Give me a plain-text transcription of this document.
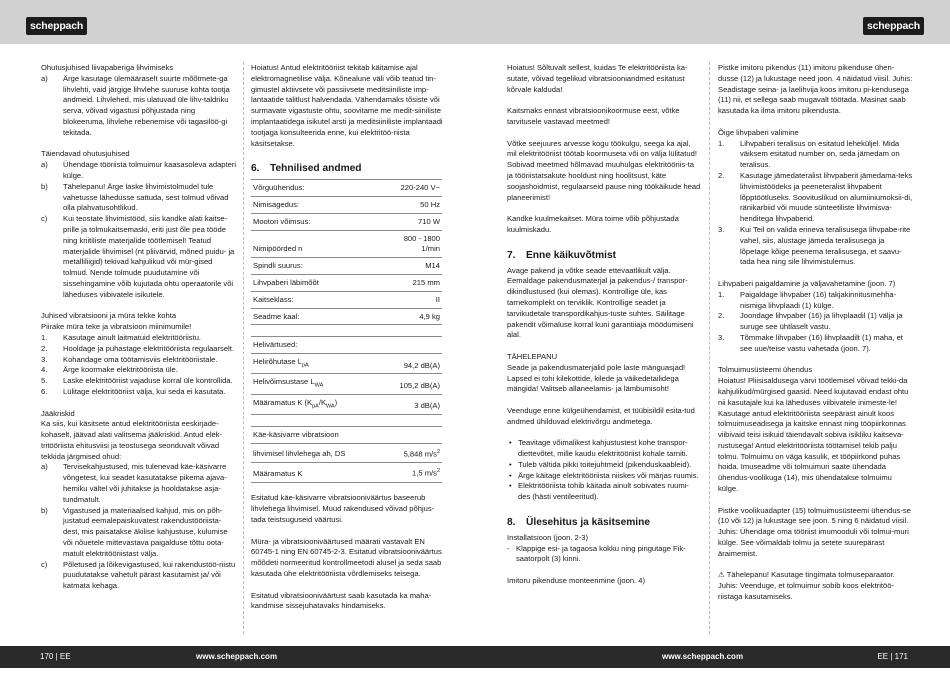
scheppach	scheppach

Ohutusjuhised liivapaberiga lihvimiseks

a)	Ärge kasutage ülemääraselt suurte mõõtmete-ga lihvlehti, vaid järgige lihvlehe suuruse kohta tootja andmeid. Lihvlehed, mis ulatuvad üle lihv-taldriku serva, võivad vigastusi põhjustada ning blokeeruma, lihvlehe rebenemise või tagasilöö-gi tekitada.

Täiendavad ohutusjuhised

a)	Ühendage tööriista tolmuimur kaasasoleva adapteri külge.
b)	Tähelepanu! Ärge laske lihvimistolmudel tule vahetusse lähedusse sattuda, sest tolmud võivad olla plahvatusohtlikud.
c)	Kui teostate lihvimistööd, siis kandke alati kaitse-prille ja tolmukaitsemaski, eriti just õle pea tööde ning kriitiliste materjalide töötlemisel! Teatud materjalide lihvimisel (nt pliivärvid, mõned puidu- ja metalliliigid) tekivad kahjulikud või mür-gised tolmud. Nende tolmude puudutamine või sissehingamine võib kujutada ohtu operaatorile või läheduses viibivatele isikutele.

Juhised vibratsiooni ja müra tekke kohta

Piirake müra teke ja vibratsioon miinimumile!

1.	Kasutage ainult laitmatuid elektritööriistu.
2.	Hooldage ja puhastage elektritööriista regulaarselt.
3.	Kohandage oma töötamisviis elektritööriistale.
4.	Ärge koormake elektritööriista üle.
5.	Laske elektritööriist vajaduse korral üle kontrollida.
6.	Lülitage elektritööriist välja, kui seda ei kasutata.

Jääkriskid

Ka siis, kui käsitsete antud elektritööriista eeskirjade-kohaselt, jäävad alati valitsema jääkriskid. Antud elek-tritööriista ehitusviisi ja teostusega seonduvalt võivad tekkida järgmised ohud:

a)	Tervisekahjustused, mis tulenevad käe-käsivarre võngetest, kui seadet kasutatakse pikema ajava-hemiku vältel või juhitakse ja hooldatakse asja-tundmatult.
b)	Vigastused ja materiaalsed kahjud, mis on põh-justatud eemalepaiskuvatest rakendustööriista-dest, mis paisatakse äkilise kahjustuse, kulumise või nõuetele mittevastava paigalduse tõttu oota-matult elektritööriistast välja.
c)	Põletused ja lõikevigastused, kui rakendustöö-riistu puudutatakse vahetult pärast kasutamist ja/ või katmata kehaga.

Hoiatus! Antud elektritööriist tekitab käitamise ajal elektromagnetilise välja. Kõnealune väli võib teatud tin-gimustel aktiivsete või passiivsete meditsiiniliste imp-lantaatide talitlust halvendada. Vähendamaks tõsiste või surmavate vigastuste ohtu, soovitame me medit-siiniliste implantaatidega isikutel arsti ja meditsiiniliste implantaadi tootjaga konsulteerida enne, kui elektritöö-riista käsitsetakse.

6. Tehnilised andmed
Võrguühendus:	220-240 V~
Nimisagedus:	50 Hz
Mootori võimsus:	710 W
Nimipöörded n	800 - 1800
1/min

Spindli suurus:	M14
Lihvpaberi läbimõõt	215 mm
Kaitseklass:	II
Seadme kaal:	4,9 kg

Helivärtused:	
Helirõhutase $L_{pA}$	94,2 dB(A)
Helivõimsustase $L_{WA}$	105,2 dB(A)
Määramatus K $(K_{pA}/K_{WA})$	3 dB(A)

Käe-käsivarre vibratsioon	
lihvimisel lihvlehega ah, DS	5,848 $m/s^2$
Määramatus K	1,5 $m/s^2$

Esitatud käe-käsivarre vibratsiooniväärtus baseerub lihvlehega lihvimisel. Muud rakendused võivad põhjus-tada teistsuguseid väärtusi.

Müra- ja vibratsiooniväärtused määrati vastavalt EN 60745-1 ning EN 60745-2-3. Esitatud vibratsiooniväärtus mõõdeti normeeritud kontrollmeetodi alusel ja seda saab kasutada ühe elektritööriista võrdlemiseks teisega.

Esitatud vibratsiooniväärtust saab kasutada ka maha-kandmise sissejuhatavaks hindamiseks.

Hoiatus! Sõltuvalt sellest, kuidas Te elektritööriista ka-sutate, võivad tegelikud vibratsiooniandmed esitatust kõrvale kalduda!

Kaitsmaks ennast vibratsioonikoormuse eest, võtke tarvitusele vastavad meetmed!

Võtke seejuures arvesse kogu töökulgu, seega ka ajal, mil elektritööriist töötab koormuseta või on välja lülitatud! Sobivad meetmed hõlmavad muuhulgas elektritööriis-ta ja tööriistatsakute hooldust ning hoolitsust, käte soojashoidmist, regulaarseid pause ning töökäikude head planeerimist!

Kandke kuulmekaitset. Müra toime võib põhjustada kuulmiskadu.

7. Enne käikuvõtmist

Avage pakend ja võtke seade ettevaatlikult välja. Eemaldage pakendusmaterjal ja pakendus-/ transpor-dikindlustused (kui olemas). Kontrollige üle, kas tarnekomplekt on terviklik. Kontrollige seadet ja tarvikudetale transpordikahjus-tuste suhtes. Säilitage pakendit võimaluse korral kuni garantiiaja möödumiseni alal.

TÄHELEPANU

Seade ja pakendusmaterjalid pole laste mänguasjad! Lapsed ei tohi kilekottide, kilede ja väikedetailidega mängida! Valitseb allaneelamis- ja lämbumisoht!

Veenduge enne külgeühendamist, et tüübisildil esita-tud andmed ühilduvad elektrivõrgu andmetega.

• Teavitage võimalikest kahjustustest kohe transpor-diettevõtet, mille kaudu elektritööriist kohale tarniti.
• Tuleb vältida pikki toitejuhtmeid (pikenduskaableid).
• Ärge käitage elektritööriista niiskes või märjas ruumis.
• Elektritööriista tohib käitada ainult sobivates ruumi-des (hästi ventileeritud).
8. Ülesehitus ja käsitsemine

Installatsioon (joon. 2-3)

- Klappige esi- ja tagaosa kokku ning pingutage Fik-saatorpolt (3) kinni.

Imitoru pikenduse monteerimine (joon. 4)

Pistke imitoru pikendus (11) imitoru pikenduse ühen-dusse (12) ja lukustage need joon. 4 näidatud viisil. Juhis: Seadistage seina- ja laelihvija koos imitoru pi-kendusega (11) nii, et sellega saab mugavalt töötada. Masinat saab kasutada ka ilma imitoru pikendusta.

Õige lihvpaberi valimine

1.	Lihvpaberi teralisus on esitatud leheküljel. Mida väiksem esitatud number on, seda jämedam on teralisus.
2.	Kasutage jämedateralist lihvpaberit jämedama-teks lihvimistöödeks ja peeneteralist lihvpaberit lõpptöötluseks. Soovituslikud on alumiiniumoksii-di, ränikarbiid või muude sünteetiliste lihvimisva-henditega lihvpaberid.
3.	Kui Teil on valida erineva teralisusega lihvpabe-rite vahel, siis, alustage jämeda teralisusega ja lõpetage kõige peenema teralisusega, et saavu-tada hea ning sile lihvimistulemus.

Lihvpaberi paigaldamine ja väljavahetamine (joon. 7)

1.	Paigaldage lihvpaber (16) takjakinnitusmehha-nismiga lihvplaadi (1) külge.
2.	Joondage lihvpaber (16) ja lihvplaadil (1) välja ja suruge see ühtlaselt vastu.
3.	Tõmmake lihvpaber (16) lihvplaadilt (1) maha, et see uue/teise vastu vahetada (joon. 7).

Tolmuimusüsteemi ühendus

Hoiatus! Pliisisaldusega värvi töötlemisel võivad tekki-da kahjulikud/mürgised gaasid. Need kujutavad endast ohtu nii kasutajale kui ka läheduses viibivatele inimeste-le! Kasutage antud elektritööriista seepärast ainult koos tolmuimuseadisega ja kaitske ennast ning tööpiirkonnas viibivaid teisi isikuid täiendavalt sobiva isikliku kaitseva-rustusega! Antud elektritööriista töötamisel tekib palju tolmu. Tolmuimu on väga kasulik, et tööpiirkond puhas hoida. Imuseadme või tolmuimuri saate ühendada ühendus-voolikuga (14), mis ühendatakse tolmuimu külge.

Pistke voolikuadapter (15) tolmuimusüsteemi ühendus-se (10 või 12) ja lukustage see joon. 5 ning 6 näidatud viisil. Juhis: Ühendage oma tööriist imumooduli või tolmui-muri külge. See võimaldab tolmu ja setete suurepärast äraimemist.

⚠ Tähelepanu! Kasutage tingimata tolmuseparaator. Juhis: Veenduge, et tolmuimur sobib koos elektritöö-riistaga kasutamiseks.

170 | EE	www.scheppach.com	www.scheppach.com	EE | 171
